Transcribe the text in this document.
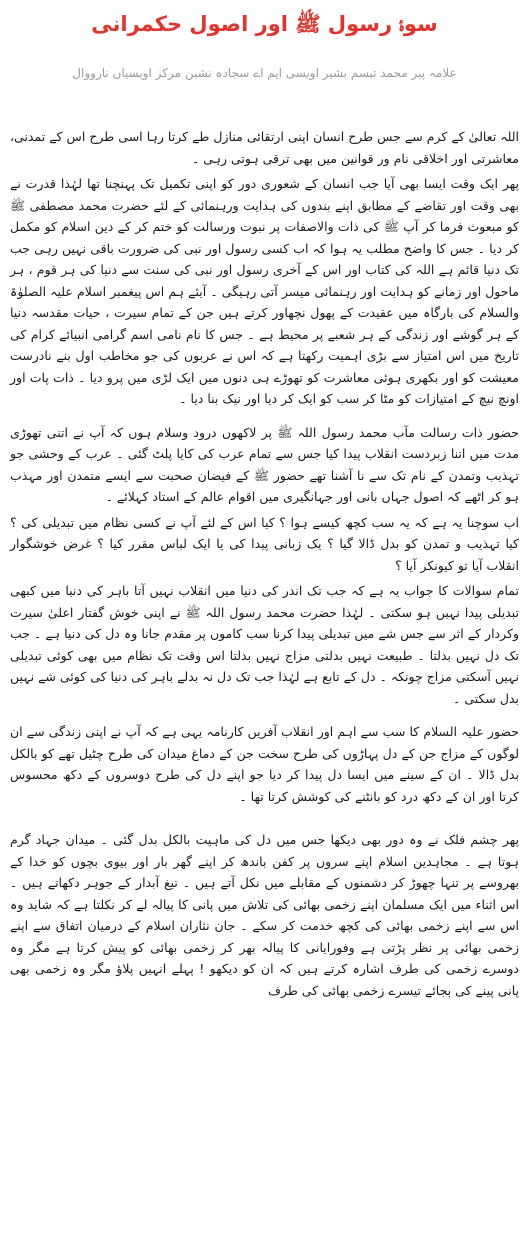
سوۂ رسول ﷺ اور اصول حکمرانی
علامہ پیر محمد تبسم بشیر اویسی ایم اے سجادہ نشین مرکز اویسیاں نارووال

اللہ تعالیٰ کے کرم سے جس طرح انسان اپنی ارتقائی منازل طے کرتا رہا اسی طرح اس کے تمدنی، معاشرتی اور اخلاقی نام ور قوانین میں بھی ترقی ہوتی رہی ۔

پھر ایک وقت ایسا بھی آیا جب انسان کے شعوری دور کو اپنی تکمیل تک پہنچنا تھا لہٰذا قدرت نے بھی وقت اور تقاضے کے مطابق اپنے بندوں کی ہدایت ورہنمائی کے لئے حضرت محمد مصطفی ﷺ کو مبعوث فرما کر آپ ﷺ کی ذات والاصفات پر نبوت ورسالت کو ختم کر کے دین اسلام کو مکمل کر دیا ۔ جس کا واضح مطلب یہ ہوا کہ اب کسی رسول اور نبی کی ضرورت باقی نہیں رہی جب تک دنیا قائم ہے اللہ کی کتاب اور اس کے آخری رسول اور نبی کی سنت سے دنیا کی ہر قوم ، ہر ماحول اور زمانے کو ہدایت اور رہنمائی میسر آتی رہیگی ۔ آیئے ہم اس پیغمبر اسلام علیہ الصلوٰۃ والسلام کی بارگاہ میں عقیدت کے پھول نچھاور کرتے ہیں جن کے تمام سیرت ، حیات مقدسہ دنیا کے ہر گوشے اور زندگی کے ہر شعبے پر محیط ہے ۔ جس کا نام نامی اسم گرامی انبیائے کرام کی تاریخ میں اس امتیاز سے بڑی اہمیت رکھتا ہے کہ اس نے عربوں کی جو مخاطب اول بنے نادرست معیشت کو اور بکھری ہوئی معاشرت کو تھوڑے ہی دنوں میں ایک لڑی میں پرو دیا ۔ ذات پات اور اونچ نیچ کے امتیازات کو مٹا کر سب کو ایک کر دیا اور نیک بنا دیا ۔

حضور ذات رسالت مآب محمد رسول اللہ ﷺ پر لاکھوں درود وسلام ہوں کہ آپ نے اتنی تھوڑی مدت میں اتنا زبردست انقلاب پیدا کیا جس سے تمام عرب کی کایا پلٹ گئی ۔ عرب کے وحشی جو تہذیب وتمدن کے نام تک سے نا آشنا تھے حضور ﷺ کے فیضان صحبت سے ایسے متمدن اور مہذب ہو کر اٹھے کہ اصول جہاں بانی اور جہانگیری میں اقوام عالم کے استاد کہلائے ۔

اب سوچنا یہ ہے کہ یہ سب کچھ کیسے ہوا ؟ کیا اس کے لئے آپ نے کسی نظام میں تبدیلی کی ؟ کیا تہذیب و تمدن کو بدل ڈالا گیا ؟ یک زبانی پیدا کی یا ایک لباس مقرر کیا ؟ غرض خوشگوار انقلاب آیا تو کیونکر آیا ؟

تمام سوالات کا جواب یہ ہے کہ جب تک اندر کی دنیا میں انقلاب نہیں آتا باہر کی دنیا میں کبھی تبدیلی پیدا نہیں ہو سکتی ۔ لہٰذا حضرت محمد رسول اللہ ﷺ نے اپنی خوش گفتار اعلیٰ سیرت وکردار کے اثر سے جس شے میں تبدیلی پیدا کرنا سب کاموں پر مقدم جانا وہ دل کی دنیا ہے ۔ جب تک دل نہیں بدلتا ۔ طبیعت نہیں بدلتی مزاج نہیں بدلتا اس وقت تک نظام میں بھی کوئی تبدیلی نہیں آسکتی مزاج چونکہ ۔ دل کے تابع ہے لہٰذا جب تک دل نہ بدلے باہر کی دنیا کی کوئی شے نہیں بدل سکتی ۔

حضور علیہ السلام کا سب سے اہم اور انقلاب آفریں کارنامہ یہی ہے کہ آپ نے اپنی زندگی سے ان لوگوں کے مزاج جن کے دل پہاڑوں کی طرح سخت جن کے دماغ میدان کی طرح چٹیل تھے کو بالکل بدل ڈالا ۔ ان کے سینے میں ایسا دل پیدا کر دیا جو اپنے دل کی طرح دوسروں کے دکھ محسوس کرتا اور ان کے دکھ درد کو بانٹنے کی کوشش کرتا تھا ۔

پھر چشم فلک نے وہ دور بھی دیکھا جس میں دل کی ماہیت بالکل بدل گئی ۔ میدان جہاد گرم ہوتا ہے ۔ مجاہدین اسلام اپنے سروں پر کفن باندھ کر اپنے گھر بار اور بیوی بچوں کو خدا کے بھروسے پر تنہا چھوڑ کر دشمنوں کے مقابلے میں نکل آتے ہیں ۔ تیغ آبدار کے جوہر دکھاتے ہیں ۔ اس اثناء میں ایک مسلمان اپنے زخمی بھائی کی تلاش میں پانی کا پیالہ لے کر نکلتا ہے کہ شاید وہ اس سے اپنے زخمی بھائی کی کچھ خدمت کر سکے ۔ جان نثاران اسلام کے درمیان اتفاق سے اپنے زخمی بھائی پر نظر پڑتی ہے وفورایانی کا پیالہ بھر کر زخمی بھائی کو پیش کرتا ہے مگر وہ دوسرے زخمی کی طرف اشارہ کرتے ہیں کہ ان کو دیکھو ! پہلے انہیں پلاؤ مگر وہ زخمی بھی پانی پینے کی بجائے تیسرے زخمی بھائی کی طرف
